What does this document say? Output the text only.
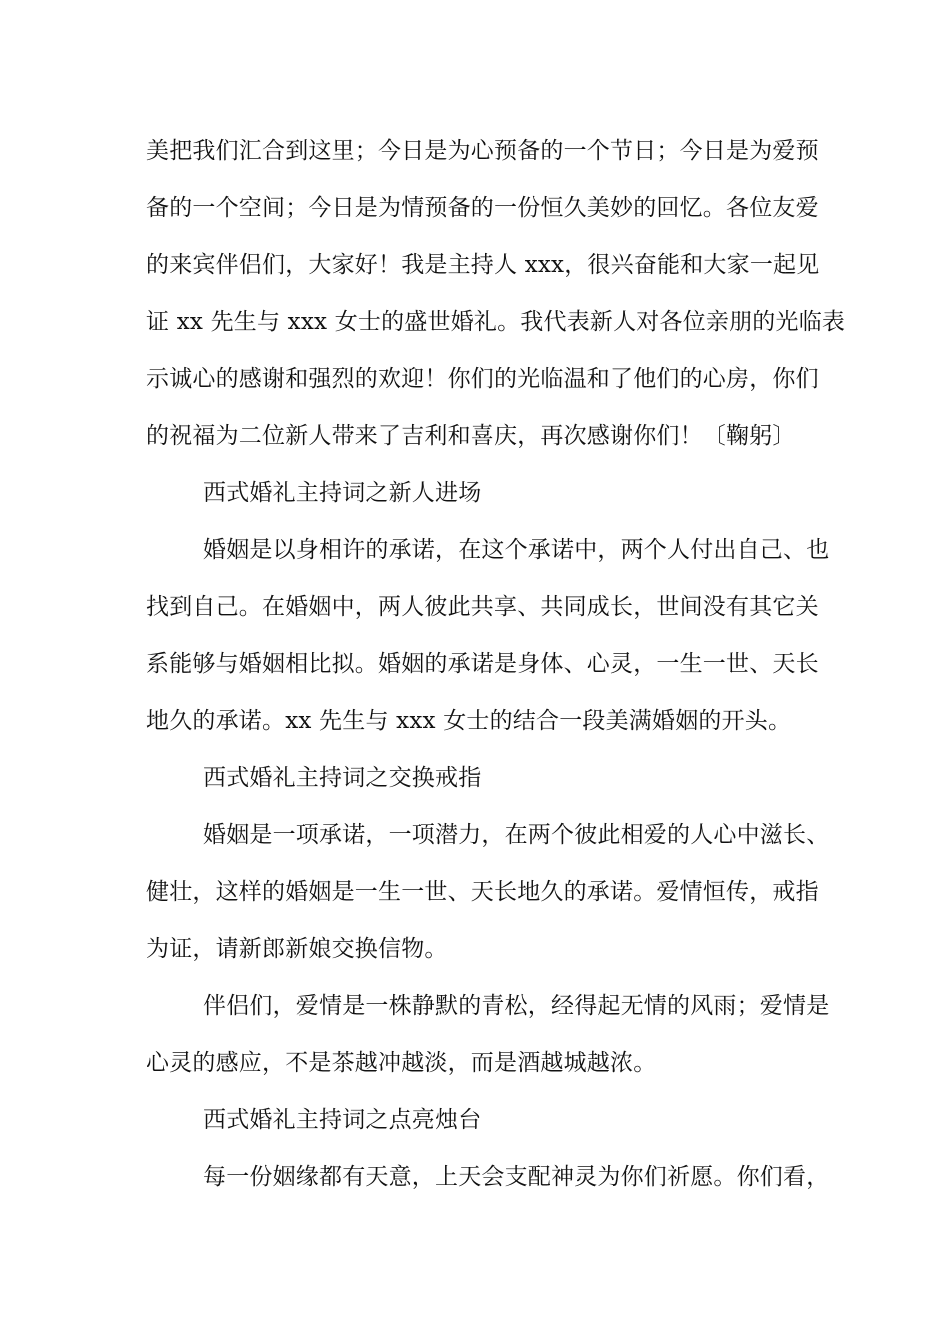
美把我们汇合到这里；今日是为心预备的一个节日；今日是为爱预

备的一个空间；今日是为情预备的一份恒久美妙的回忆。各位友爱

的来宾伴侣们，大家好！我是主持人 xxx，很兴奋能和大家一起见

证 xx 先生与 xxx 女士的盛世婚礼。我代表新人对各位亲朋的光临表

示诚心的感谢和强烈的欢迎！你们的光临温和了他们的心房，你们

的祝福为二位新人带来了吉利和喜庆，再次感谢你们！〔鞠躬〕

西式婚礼主持词之新人进场

婚姻是以身相许的承诺，在这个承诺中，两个人付出自己、也

找到自己。在婚姻中，两人彼此共享、共同成长，世间没有其它关

系能够与婚姻相比拟。婚姻的承诺是身体、心灵，一生一世、天长

地久的承诺。xx 先生与 xxx 女士的结合一段美满婚姻的开头。

西式婚礼主持词之交换戒指

婚姻是一项承诺，一项潜力，在两个彼此相爱的人心中滋长、

健壮，这样的婚姻是一生一世、天长地久的承诺。爱情恒传，戒指

为证，请新郎新娘交换信物。

伴侣们，爱情是一株静默的青松，经得起无情的风雨；爱情是

心灵的感应，不是茶越冲越淡，而是酒越城越浓。

西式婚礼主持词之点亮烛台

每一份姻缘都有天意，上天会支配神灵为你们祈愿。你们看，
